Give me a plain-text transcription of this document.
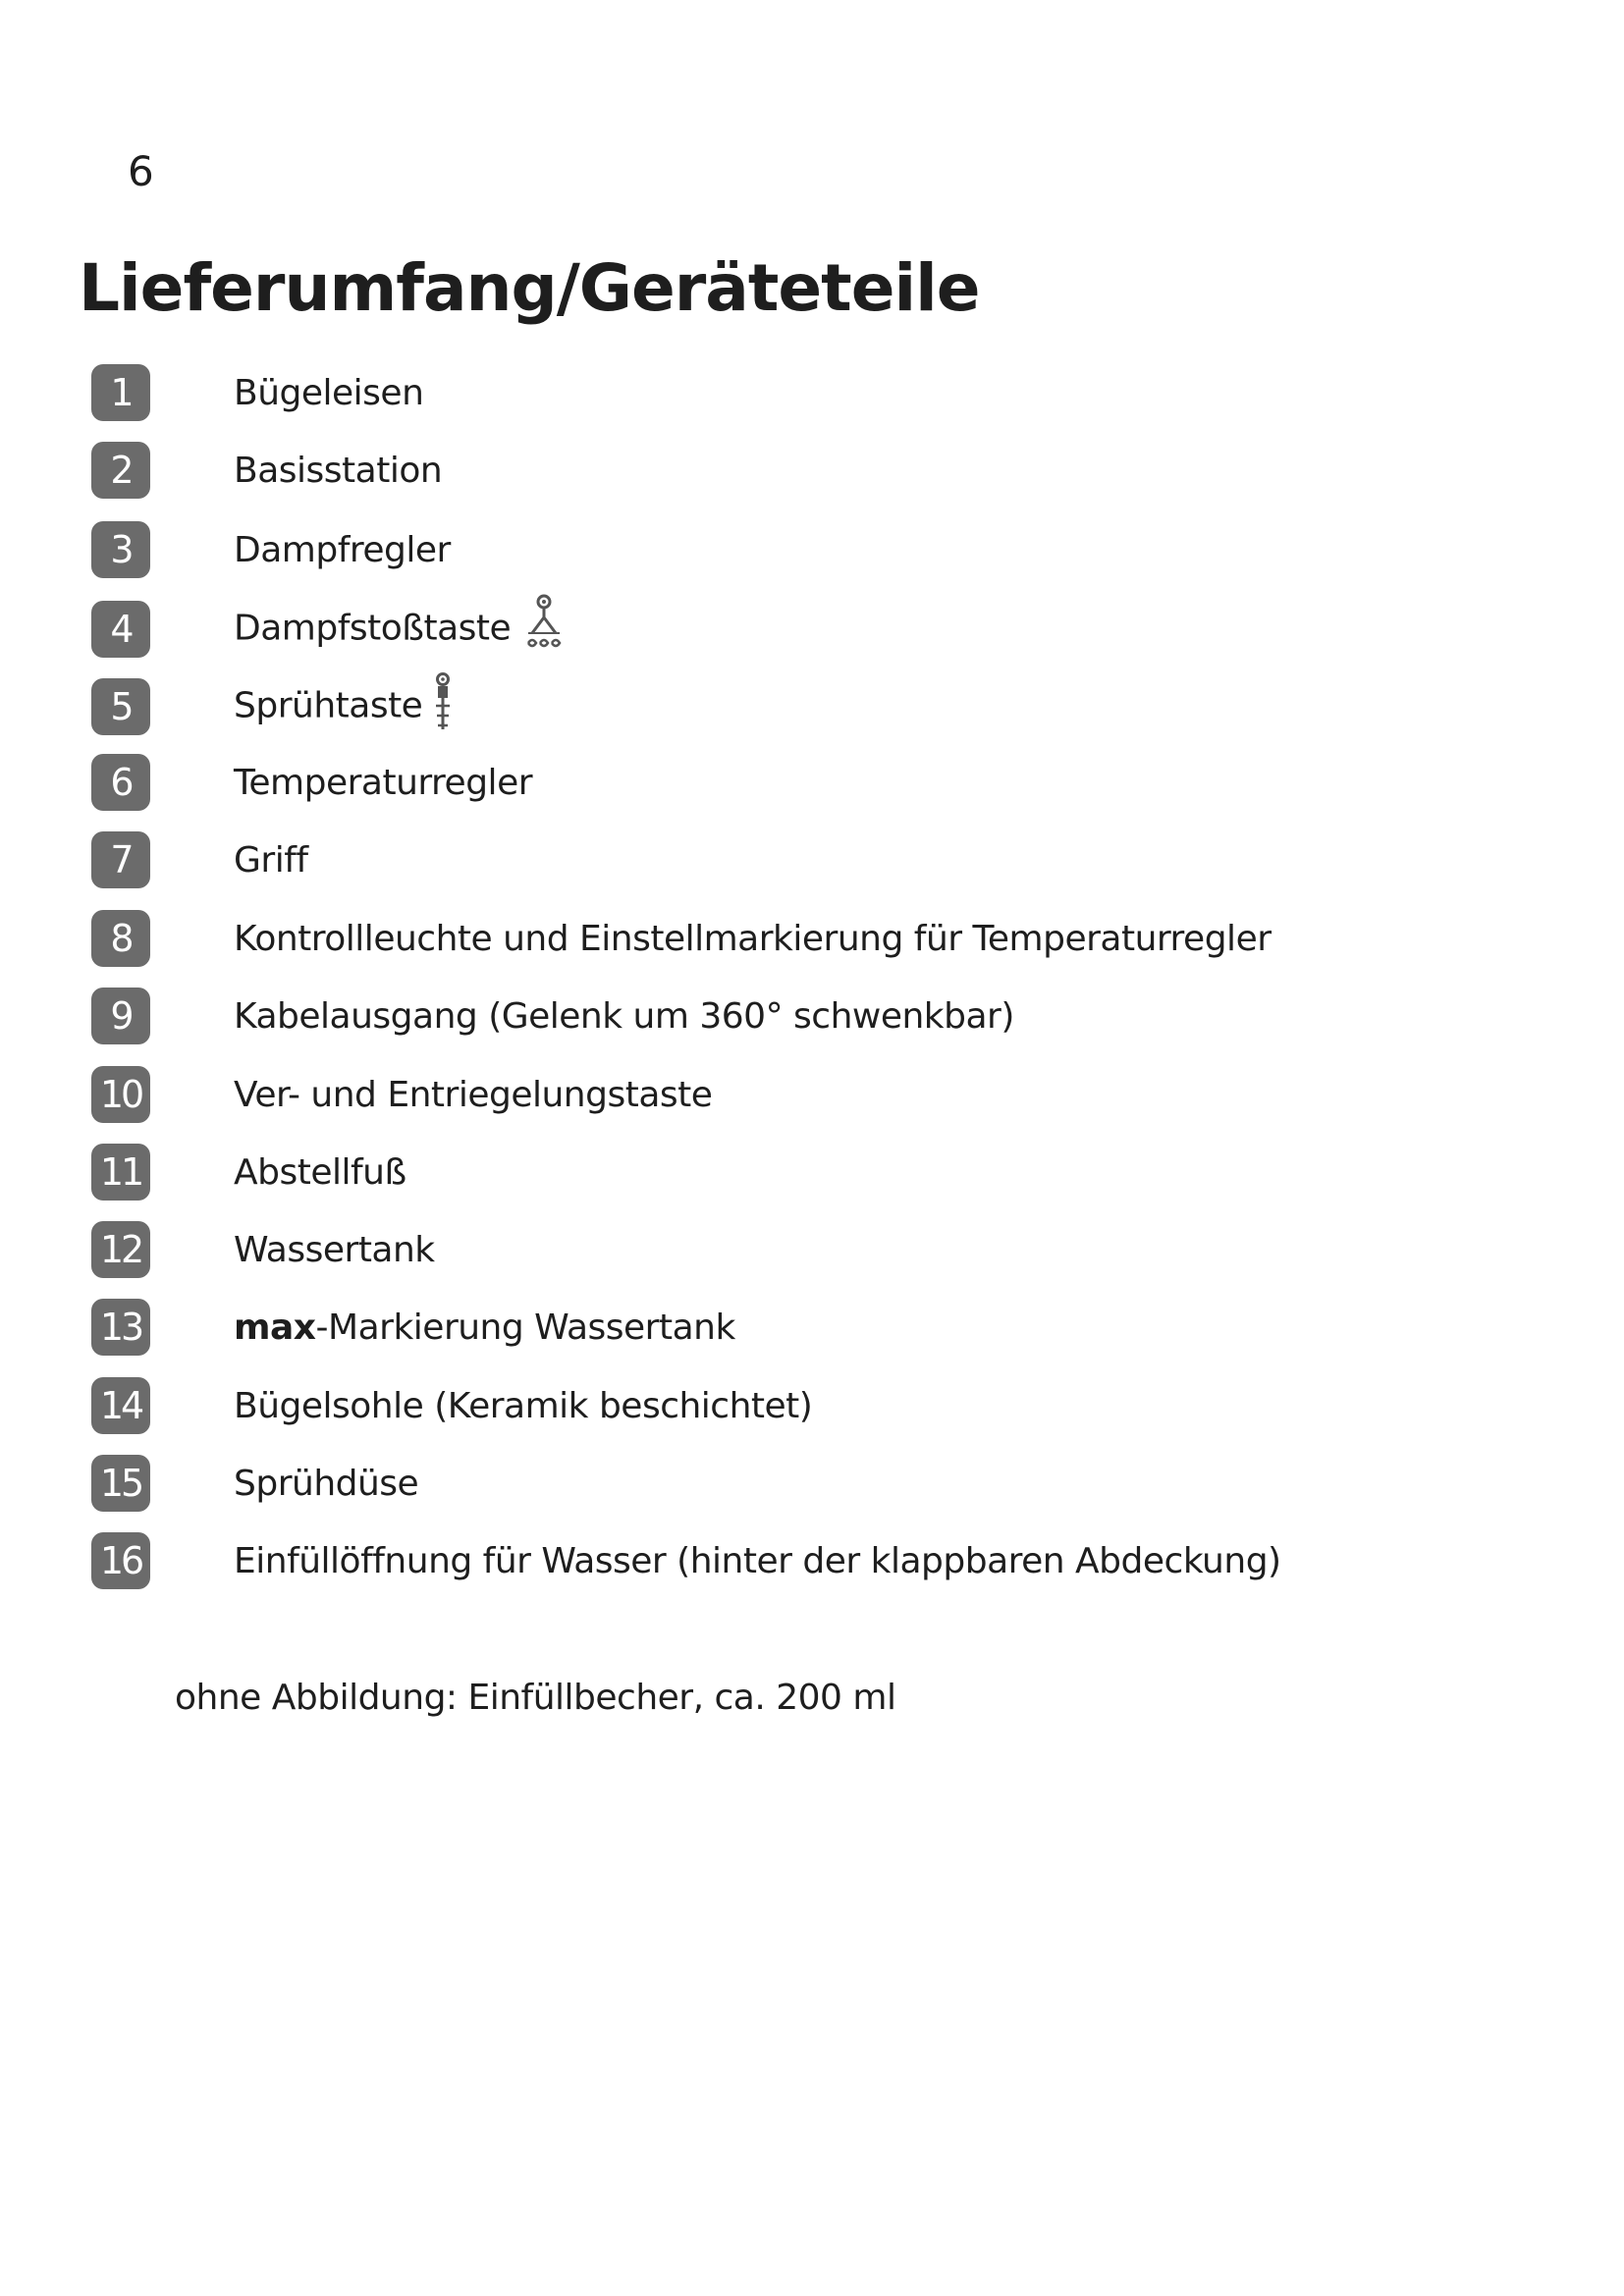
6
Lieferumfang/Geräteteile
1	Bügeleisen
2	Basisstation
3	Dampfregler
4	Dampfstoßtaste
5	Sprühtaste
6	Temperaturregler
7	Griff
8	Kontrollleuchte und Einstellmarkierung für Temperaturregler
9	Kabelausgang (Gelenk um 360° schwenkbar)
10	Ver- und Entriegelungstaste
11	Abstellfuß
12	Wassertank
13	max-Markierung Wassertank
14	Bügelsohle (Keramik beschichtet)
15	Sprühdüse
16	Einfüllöffnung für Wasser (hinter der klappbaren Abdeckung)
ohne Abbildung: Einfüllbecher, ca. 200 ml
